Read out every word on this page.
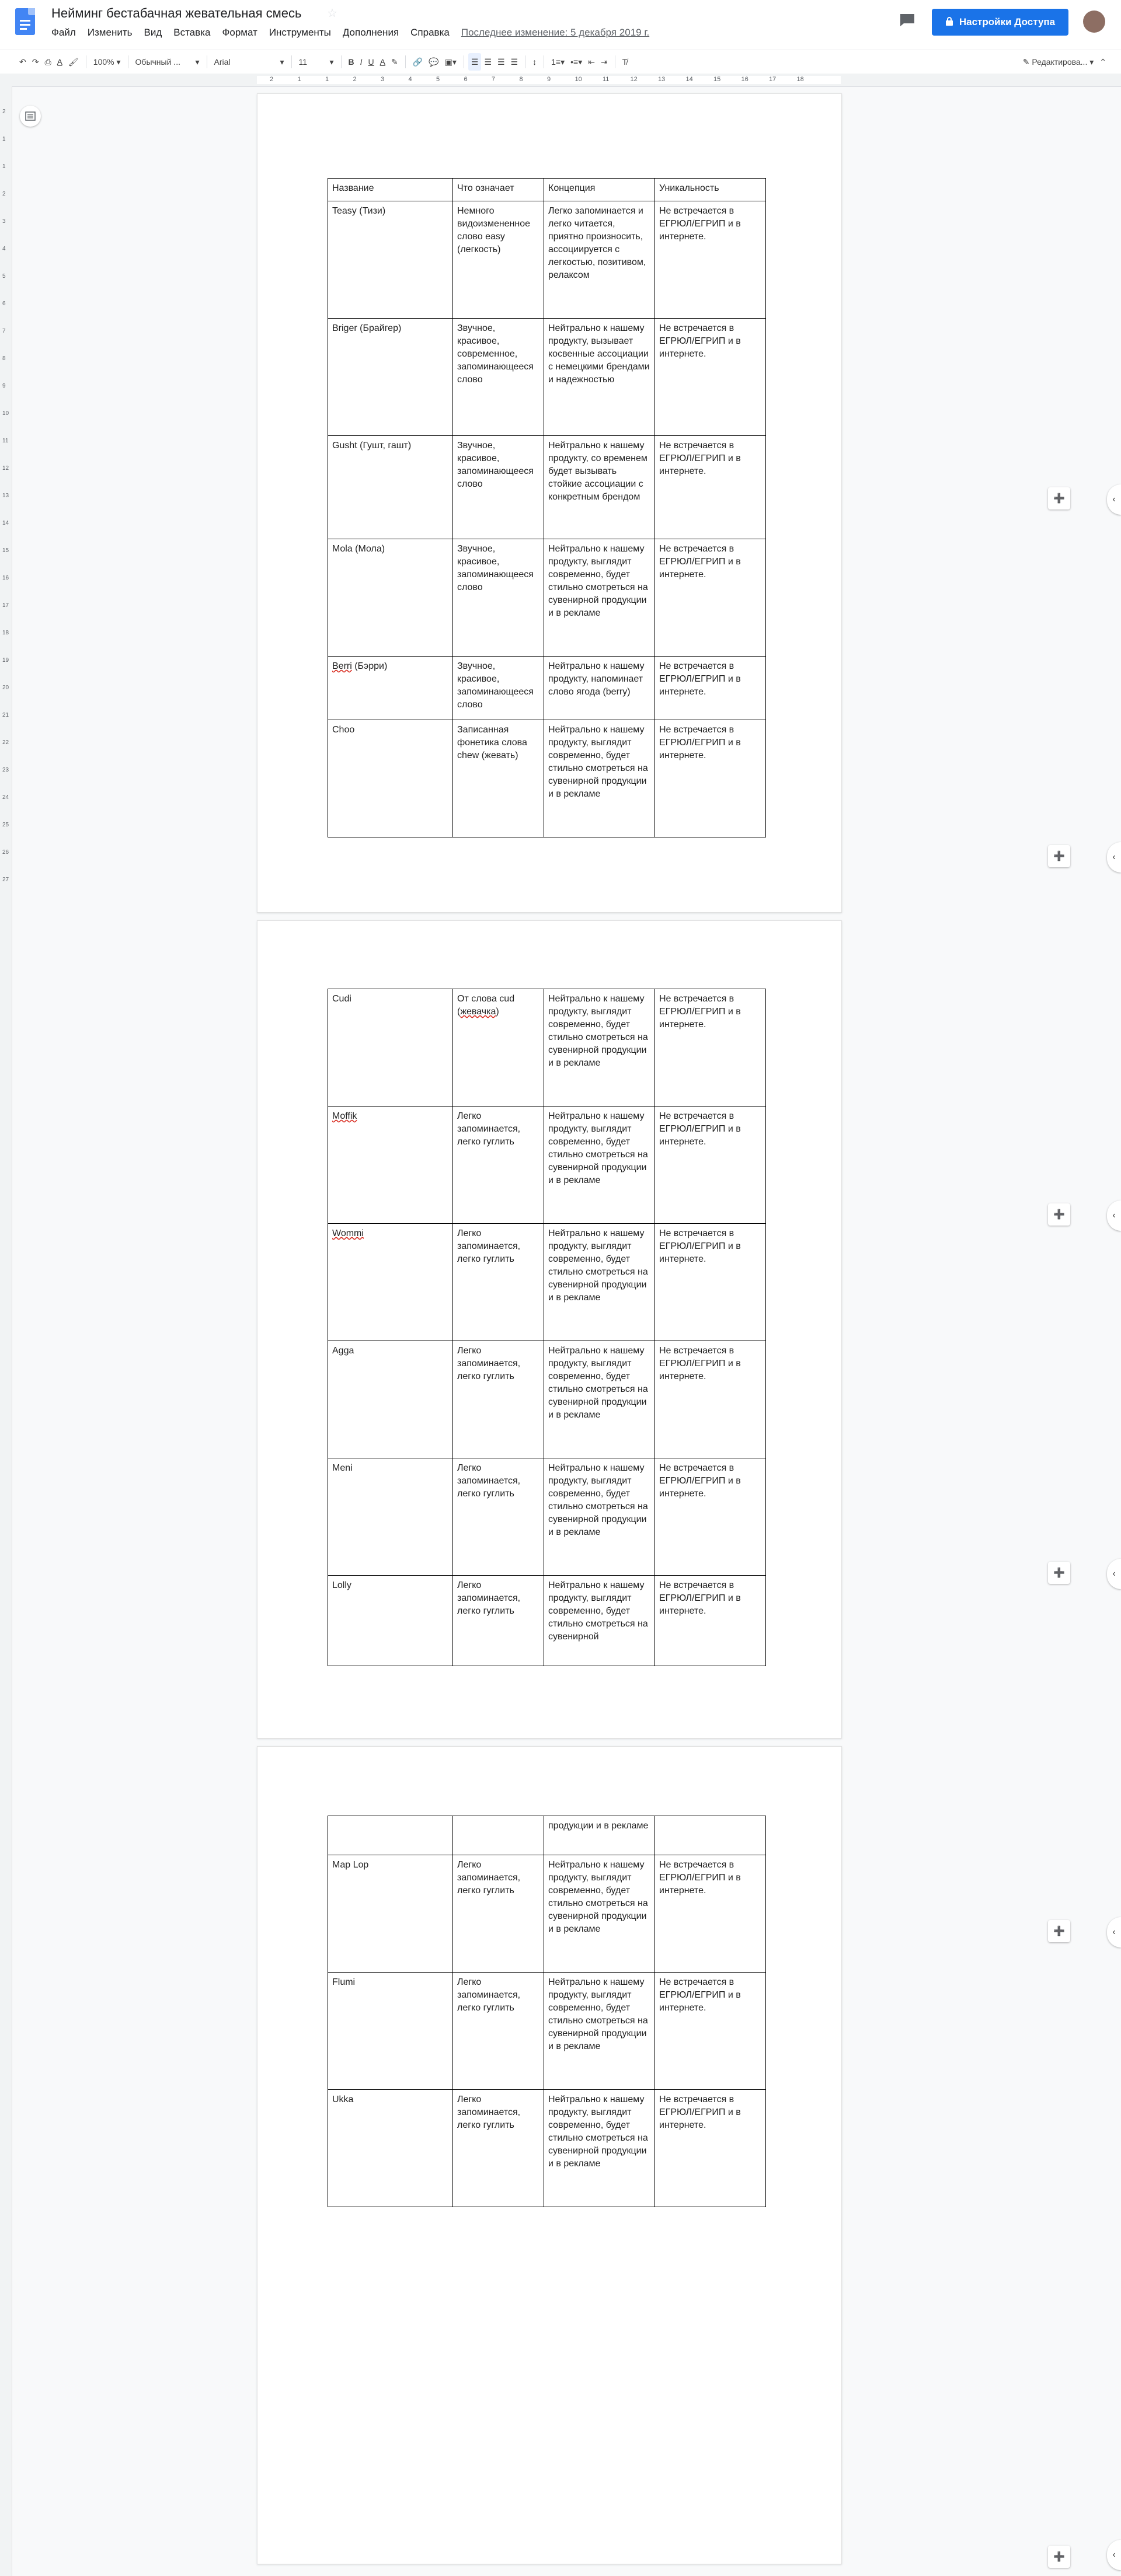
Нейминг бестабачная жевательная смесь ☆
Файл Изменить Вид Вставка Формат Инструменты Дополнения Справка Последнее изменение: 5 декабря 2019 г.
Настройки Доступа
↶ ↷ ⎙ A̲ 🖌	100% ▾	Обычный ... ▾	Arial	▾	11	▾	B I U A ✎	🔗 💬 ▣▾	☰ ☰ ☰ ☰	↕	1≡▾ •≡▾ ⇤ ⇥	T̸	✎ Редактирова... ▾ ⌃
2	1	1	2	3	4	5	6	7	8	9	10	11	12	13	14	15	16	17	18
2
1
1
2
3
4
5
6
7
8
9
10
11
12
13
14
15
16
17
18
19
20
21
22
23
24
25
26
27
Название	Что означает	Концепция	Уникальность
Teasy (Тизи)	Немного видоизмененное слово easy (легкость)	Легко запоминается и легко читается, приятно произносить, ассоциируется с легкостью, позитивом, релаксом	Не встречается в ЕГРЮЛ/ЕГРИП и в интернете.
Briger (Брайгер)	Звучное, красивое, современное, запоминающееся слово	Нейтрально к нашему продукту, вызывает косвенные ассоциации с немецкими брендами и надежностью	Не встречается в ЕГРЮЛ/ЕГРИП и в интернете.
Gusht (Гушт, гашт)	Звучное, красивое, запоминающееся слово	Нейтрально к нашему продукту, со временем будет вызывать стойкие ассоциации с конкретным брендом	Не встречается в ЕГРЮЛ/ЕГРИП и в интернете.
Mola (Мола)	Звучное, красивое, запоминающееся слово	Нейтрально к нашему продукту, выглядит современно, будет стильно смотреться на сувенирной продукции и в рекламе	Не встречается в ЕГРЮЛ/ЕГРИП и в интернете.
Berri (Бэрри)	Звучное, красивое, запоминающееся слово	Нейтрально к нашему продукту, напоминает слово ягода (berry)	Не встречается в ЕГРЮЛ/ЕГРИП и в интернете.
Choo	Записанная фонетика слова chew (жевать)	Нейтрально к нашему продукту, выглядит современно, будет стильно смотреться на сувенирной продукции и в рекламе	Не встречается в ЕГРЮЛ/ЕГРИП и в интернете.
Cudi	От слова cud (жевачка)	Нейтрально к нашему продукту, выглядит современно, будет стильно смотреться на сувенирной продукции и в рекламе	Не встречается в ЕГРЮЛ/ЕГРИП и в интернете.
Moffik	Легко запоминается, легко гуглить	Нейтрально к нашему продукту, выглядит современно, будет стильно смотреться на сувенирной продукции и в рекламе	Не встречается в ЕГРЮЛ/ЕГРИП и в интернете.
Wommi	Легко запоминается, легко гуглить	Нейтрально к нашему продукту, выглядит современно, будет стильно смотреться на сувенирной продукции и в рекламе	Не встречается в ЕГРЮЛ/ЕГРИП и в интернете.
Agga	Легко запоминается, легко гуглить	Нейтрально к нашему продукту, выглядит современно, будет стильно смотреться на сувенирной продукции и в рекламе	Не встречается в ЕГРЮЛ/ЕГРИП и в интернете.
Meni	Легко запоминается, легко гуглить	Нейтрально к нашему продукту, выглядит современно, будет стильно смотреться на сувенирной продукции и в рекламе	Не встречается в ЕГРЮЛ/ЕГРИП и в интернете.
Lolly	Легко запоминается, легко гуглить	Нейтрально к нашему продукту, выглядит современно, будет стильно смотреться на сувенирной	Не встречается в ЕГРЮЛ/ЕГРИП и в интернете.
		продукции и в рекламе	
Map Lop	Легко запоминается, легко гуглить	Нейтрально к нашему продукту, выглядит современно, будет стильно смотреться на сувенирной продукции и в рекламе	Не встречается в ЕГРЮЛ/ЕГРИП и в интернете.
Flumi	Легко запоминается, легко гуглить	Нейтрально к нашему продукту, выглядит современно, будет стильно смотреться на сувенирной продукции и в рекламе	Не встречается в ЕГРЮЛ/ЕГРИП и в интернете.
Ukka	Легко запоминается, легко гуглить	Нейтрально к нашему продукту, выглядит современно, будет стильно смотреться на сувенирной продукции и в рекламе	Не встречается в ЕГРЮЛ/ЕГРИП и в интернете.
➕
➕
➕
➕
➕
➕
‹
‹
‹
‹
‹
‹
